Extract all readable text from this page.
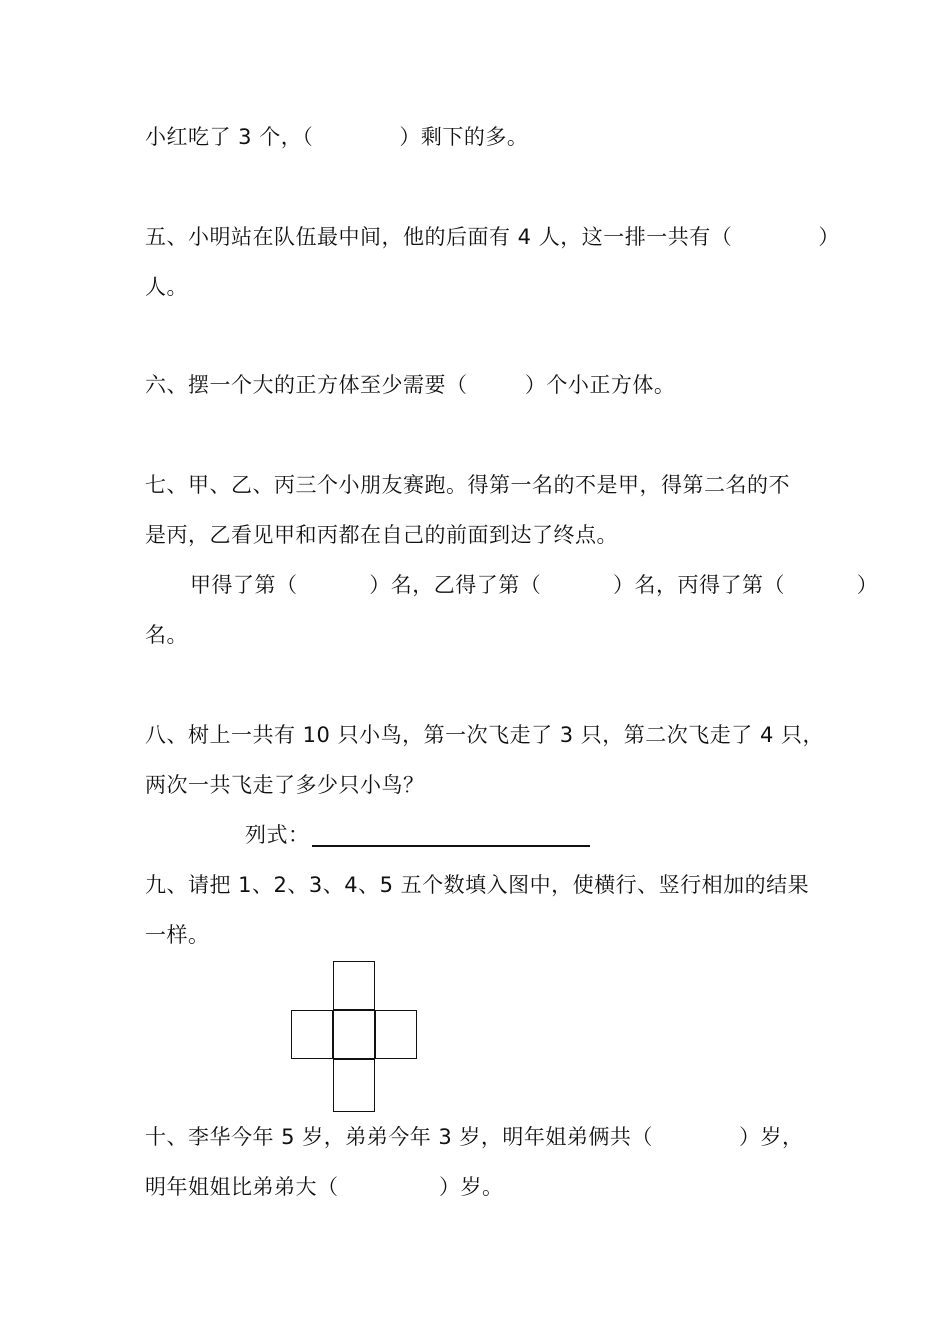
小红吃了 3 个，（            ）剩下的多。
五、小明站在队伍最中间，他的后面有 4 人，这一排一共有（            ）
人。
六、摆一个大的正方体至少需要（        ）个小正方体。
七、甲、乙、丙三个小朋友赛跑。得第一名的不是甲，得第二名的不
是丙，乙看见甲和丙都在自己的前面到达了终点。
甲得了第（          ）名，乙得了第（          ）名，丙得了第（          ）
名。
八、树上一共有 10 只小鸟，第一次飞走了 3 只，第二次飞走了 4 只，
两次一共飞走了多少只小鸟？
列式：
九、请把 1、2、3、4、5 五个数填入图中，使横行、竖行相加的结果
一样。
十、李华今年 5 岁，弟弟今年 3 岁，明年姐弟俩共（            ）岁，
明年姐姐比弟弟大（              ）岁。
